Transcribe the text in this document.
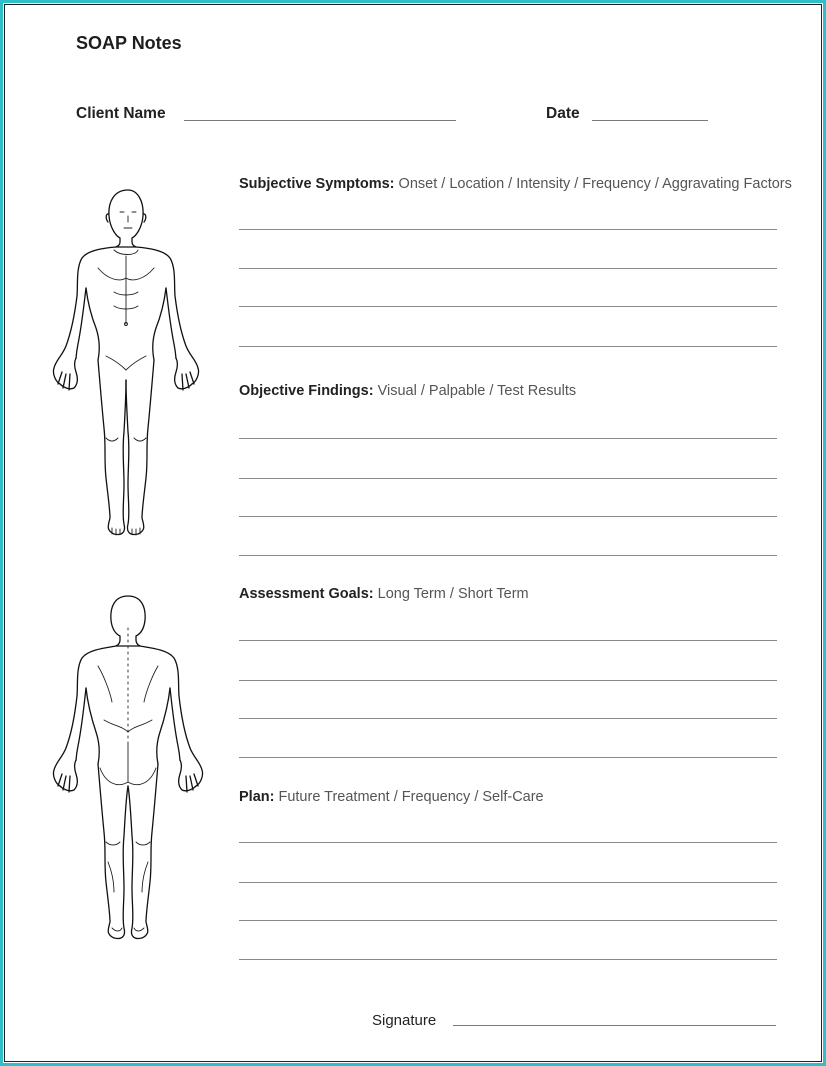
SOAP Notes
Client Name	Date
Subjective Symptoms: Onset / Location / Intensity / Frequency / Aggravating Factors
Objective Findings: Visual / Palpable / Test Results
Assessment Goals: Long Term / Short Term
Plan: Future Treatment / Frequency / Self-Care
Signature
